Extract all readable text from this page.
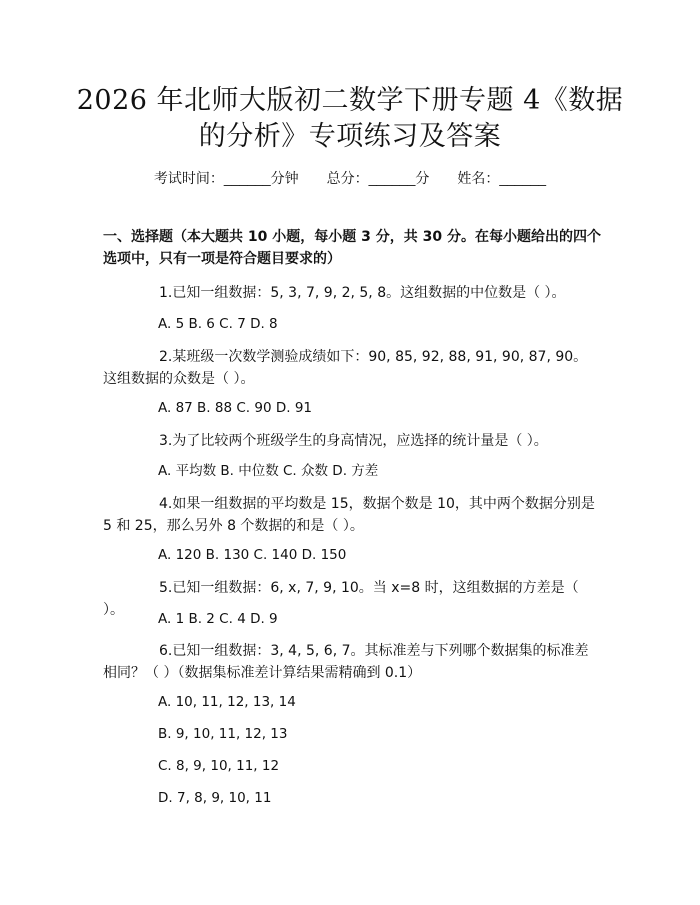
2026 年北师大版初二数学下册专题 4《数据
的分析》专项练习及答案
考试时间：______分钟 总分：______分 姓名：______
一、选择题（本大题共 10 小题，每小题 3 分，共 30 分。在每小题给出的四个选项中，只有一项是符合题目要求的）
1.已知一组数据：5, 3, 7, 9, 2, 5, 8。这组数据的中位数是（ ）。
A. 5 B. 6 C. 7 D. 8
2.某班级一次数学测验成绩如下：90, 85, 92, 88, 91, 90, 87, 90。这组数据的众数是（ ）。
A. 87 B. 88 C. 90 D. 91
3.为了比较两个班级学生的身高情况，应选择的统计量是（ ）。
A. 平均数 B. 中位数 C. 众数 D. 方差
4.如果一组数据的平均数是 15，数据个数是 10，其中两个数据分别是 5 和 25，那么另外 8 个数据的和是（ ）。
A. 120 B. 130 C. 140 D. 150
5.已知一组数据：6, x, 7, 9, 10。当 x=8 时，这组数据的方差是（ ）。
A. 1 B. 2 C. 4 D. 9
6.已知一组数据：3, 4, 5, 6, 7。其标准差与下列哪个数据集的标准差相同？（ ）（数据集标准差计算结果需精确到 0.1）
A. 10, 11, 12, 13, 14
B. 9, 10, 11, 12, 13
C. 8, 9, 10, 11, 12
D. 7, 8, 9, 10, 11
